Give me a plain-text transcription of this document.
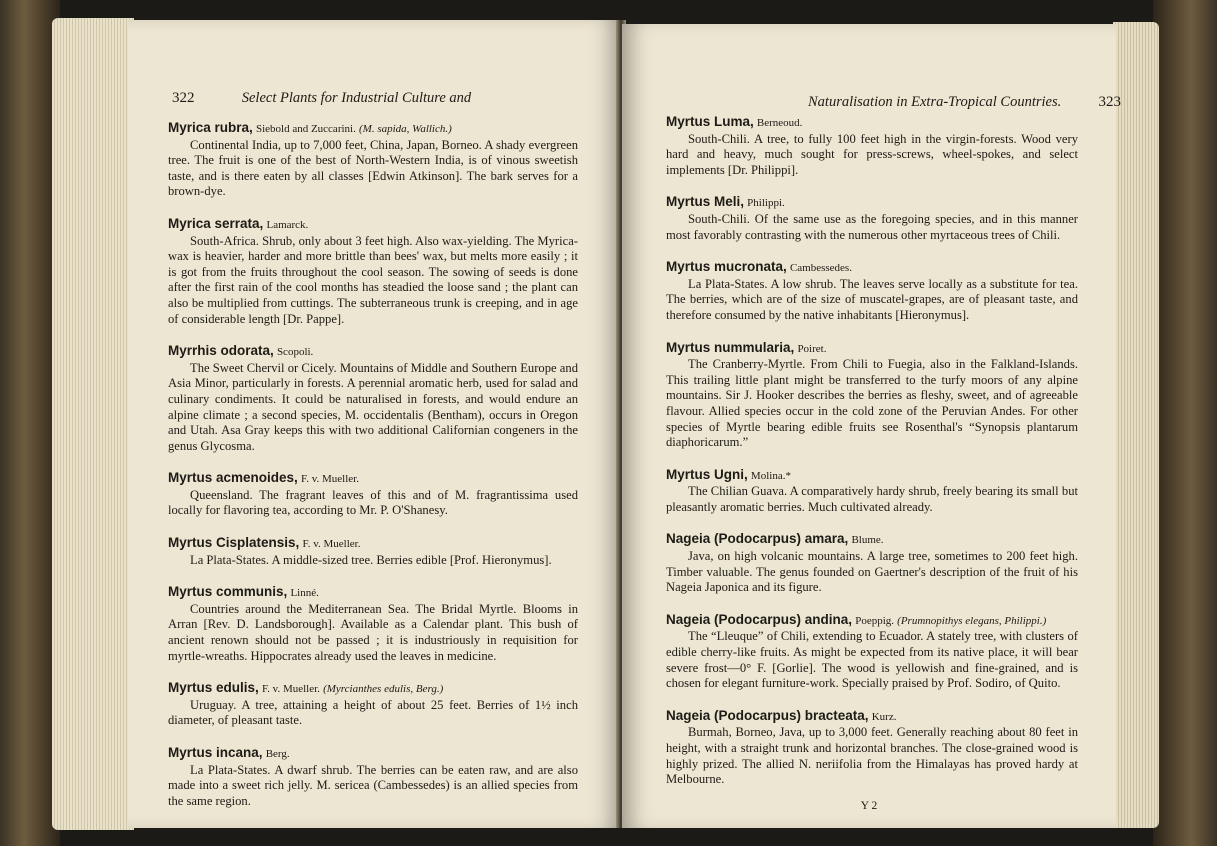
322	Select Plants for Industrial Culture and

Myrica rubra, Siebold and Zuccarini. (M. sapida, Wallich.)

Continental India, up to 7,000 feet, China, Japan, Borneo. A shady evergreen tree. The fruit is one of the best of North-Western India, is of vinous sweetish taste, and is there eaten by all classes [Edwin Atkinson]. The bark serves for a brown-dye.

Myrica serrata, Lamarck.

South-Africa. Shrub, only about 3 feet high. Also wax-yielding. The Myrica-wax is heavier, harder and more brittle than bees' wax, but melts more easily ; it is got from the fruits throughout the cool season. The sowing of seeds is done after the first rain of the cool months has steadied the loose sand ; the plant can also be multiplied from cuttings. The subterraneous trunk is creeping, and in age of considerable length [Dr. Pappe].

Myrrhis odorata, Scopoli.

The Sweet Chervil or Cicely. Mountains of Middle and Southern Europe and Asia Minor, particularly in forests. A perennial aromatic herb, used for salad and culinary condiments. It could be naturalised in forests, and would endure an alpine climate ; a second species, M. occidentalis (Bentham), occurs in Oregon and Utah. Asa Gray keeps this with two additional Californian congeners in the genus Glycosma.

Myrtus acmenoides, F. v. Mueller.

Queensland. The fragrant leaves of this and of M. fragrantissima used locally for flavoring tea, according to Mr. P. O'Shanesy.

Myrtus Cisplatensis, F. v. Mueller.

La Plata-States. A middle-sized tree. Berries edible [Prof. Hieronymus].

Myrtus communis, Linné.

Countries around the Mediterranean Sea. The Bridal Myrtle. Blooms in Arran [Rev. D. Landsborough]. Available as a Calendar plant. This bush of ancient renown should not be passed ; it is industriously in requisition for myrtle-wreaths. Hippocrates already used the leaves in medicine.

Myrtus edulis, F. v. Mueller. (Myrcianthes edulis, Berg.)

Uruguay. A tree, attaining a height of about 25 feet. Berries of 1½ inch diameter, of pleasant taste.

Myrtus incana, Berg.

La Plata-States. A dwarf shrub. The berries can be eaten raw, and are also made into a sweet rich jelly. M. sericea (Cambessedes) is an allied species from the same region.

Naturalisation in Extra-Tropical Countries. 323

Myrtus Luma, Berneoud.

South-Chili. A tree, to fully 100 feet high in the virgin-forests. Wood very hard and heavy, much sought for press-screws, wheel-spokes, and select implements [Dr. Philippi].

Myrtus Meli, Philippi.

South-Chili. Of the same use as the foregoing species, and in this manner most favorably contrasting with the numerous other myrtaceous trees of Chili.

Myrtus mucronata, Cambessedes.

La Plata-States. A low shrub. The leaves serve locally as a substitute for tea. The berries, which are of the size of muscatel-grapes, are of pleasant taste, and therefore consumed by the native inhabitants [Hieronymus].

Myrtus nummularia, Poiret.

The Cranberry-Myrtle. From Chili to Fuegia, also in the Falkland-Islands. This trailing little plant might be transferred to the turfy moors of any alpine mountains. Sir J. Hooker describes the berries as fleshy, sweet, and of agreeable flavour. Allied species occur in the cold zone of the Peruvian Andes. For other species of Myrtle bearing edible fruits see Rosenthal's “Synopsis plantarum diaphoricarum.”

Myrtus Ugni, Molina.*

The Chilian Guava. A comparatively hardy shrub, freely bearing its small but pleasantly aromatic berries. Much cultivated already.

Nageia (Podocarpus) amara, Blume.

Java, on high volcanic mountains. A large tree, sometimes to 200 feet high. Timber valuable. The genus founded on Gaertner's description of the fruit of his Nageia Japonica and its figure.

Nageia (Podocarpus) andina, Poeppig. (Prumnopithys elegans, Philippi.)

The “Lleuque” of Chili, extending to Ecuador. A stately tree, with clusters of edible cherry-like fruits. As might be expected from its native place, it will bear severe frost—0° F. [Gorlie]. The wood is yellowish and fine-grained, and is chosen for elegant furniture-work. Specially praised by Prof. Sodiro, of Quito.

Nageia (Podocarpus) bracteata, Kurz.

Burmah, Borneo, Java, up to 3,000 feet. Generally reaching about 80 feet in height, with a straight trunk and horizontal branches. The close-grained wood is highly prized. The allied N. neriifolia from the Himalayas has proved hardy at Melbourne.

Y 2
